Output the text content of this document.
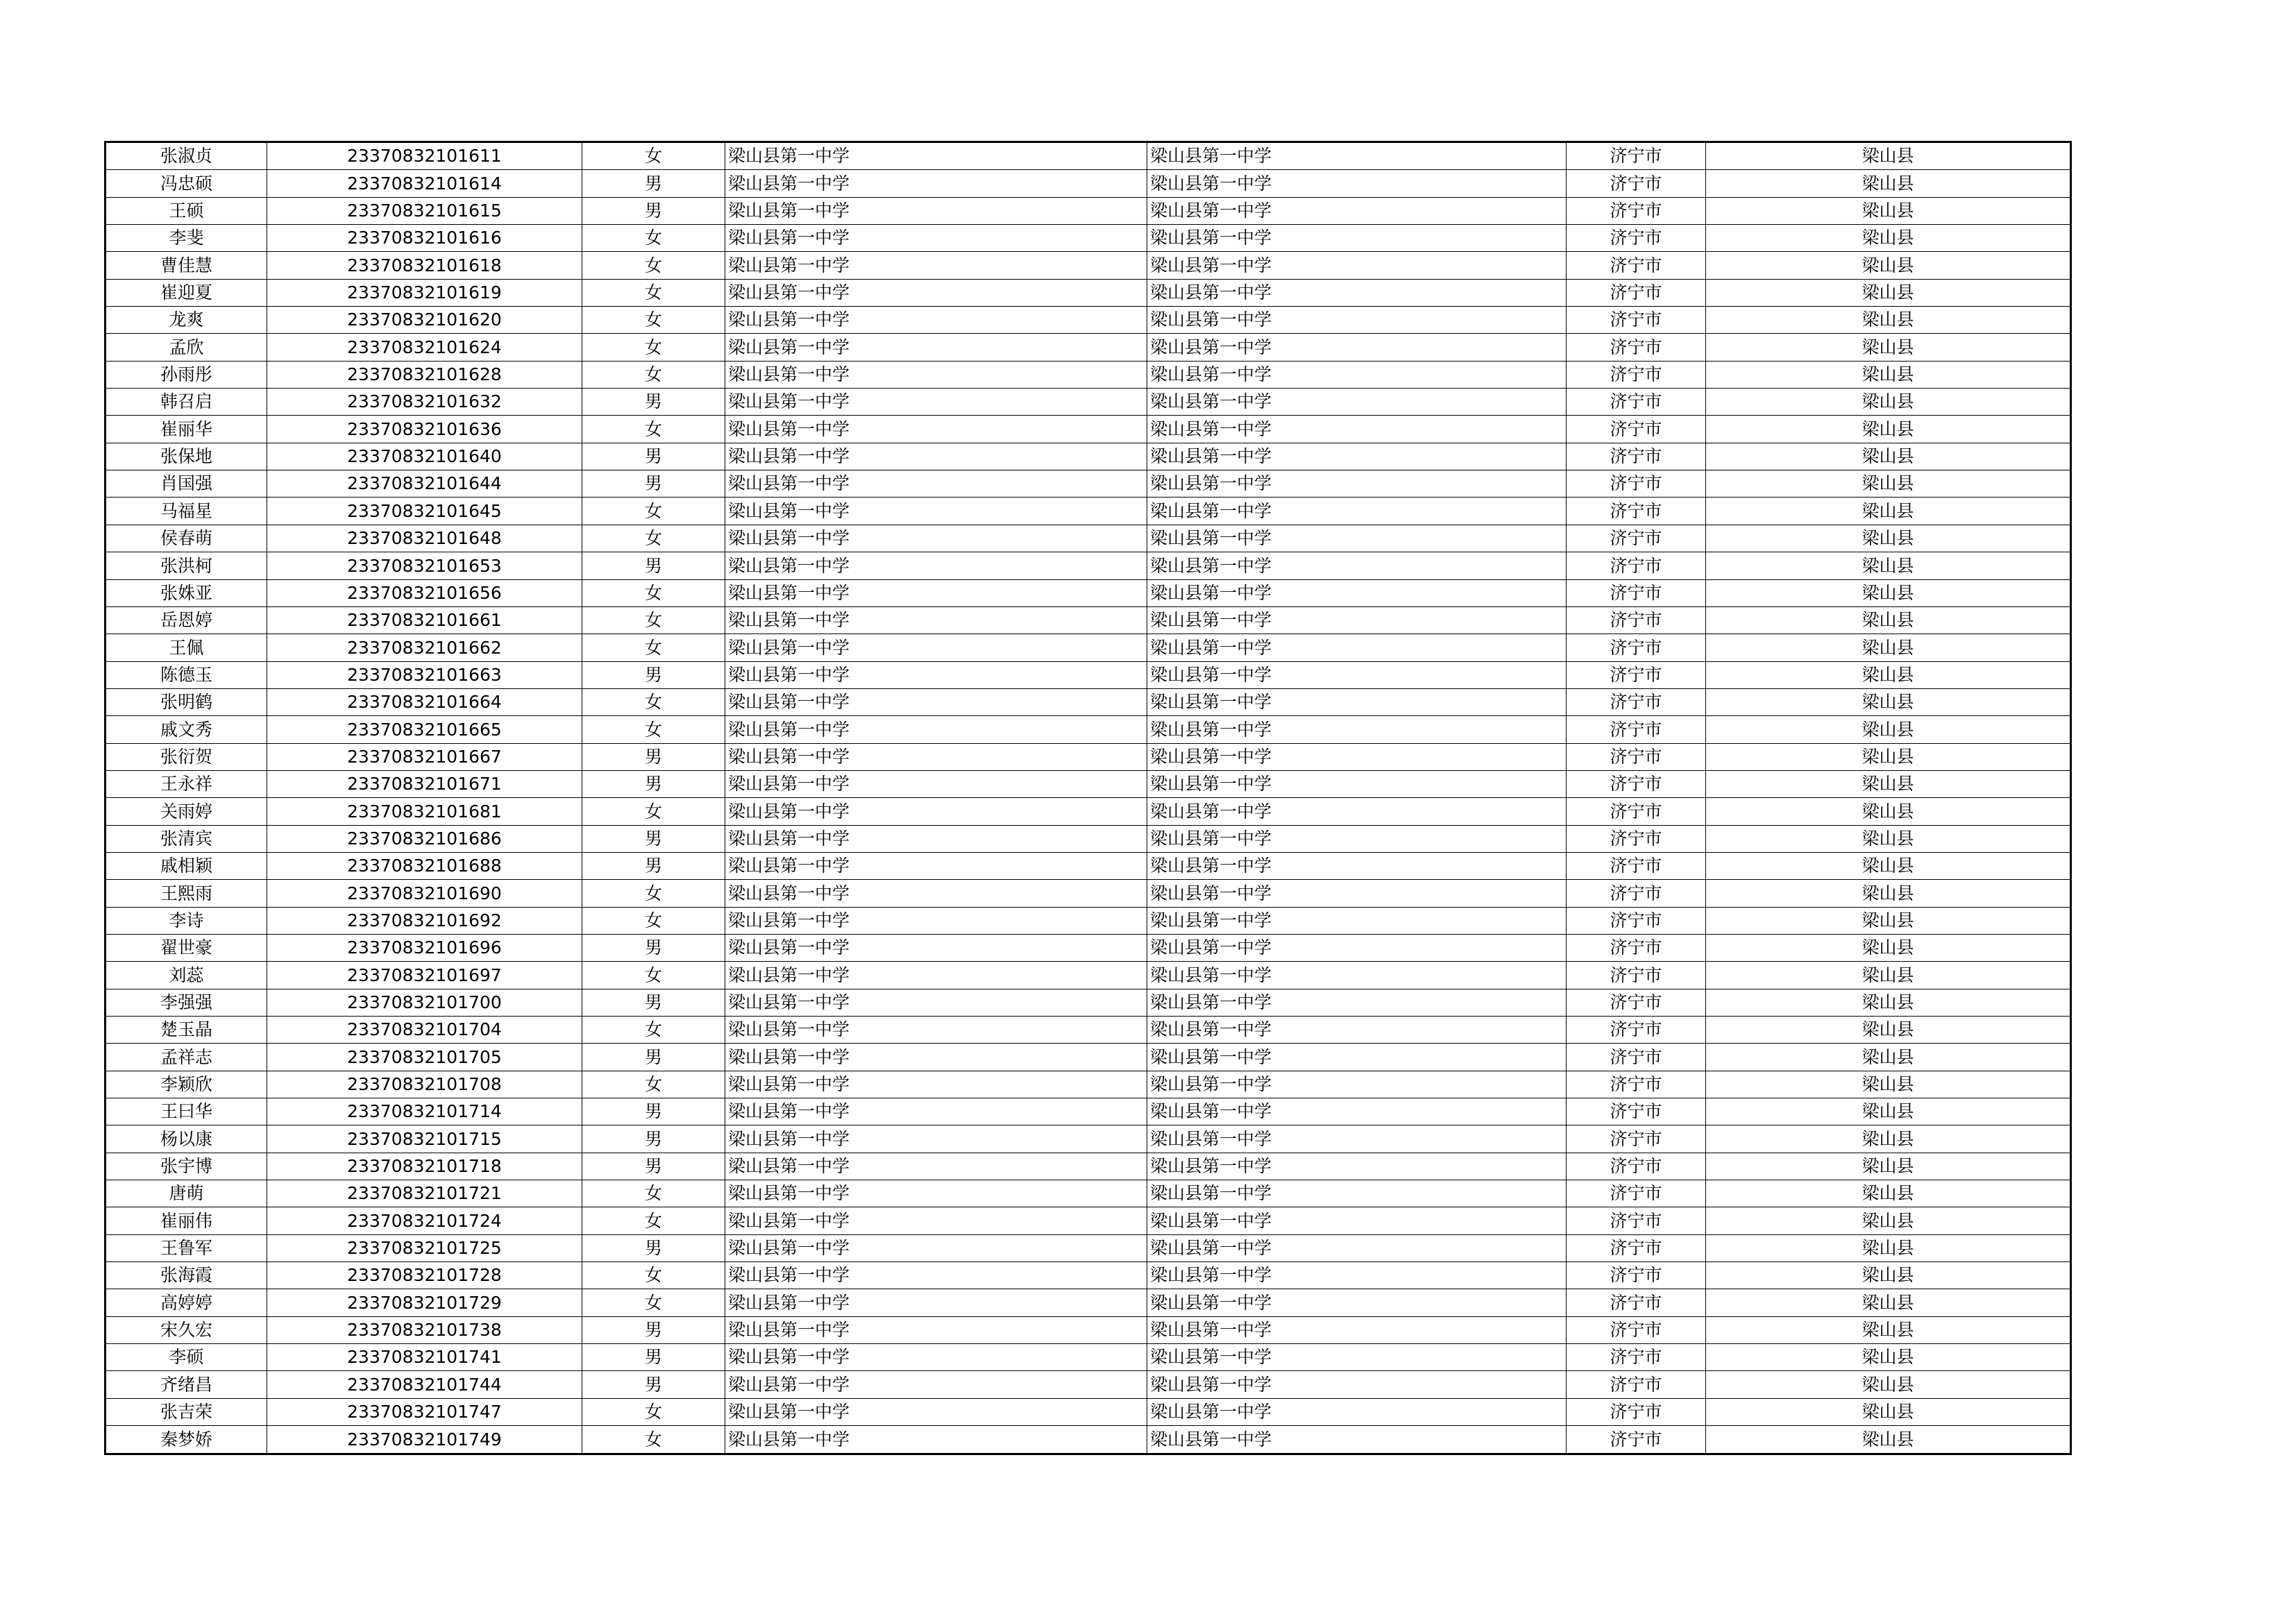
张淑贞	23370832101611	女	梁山县第一中学	梁山县第一中学	济宁市	梁山县
冯忠硕	23370832101614	男	梁山县第一中学	梁山县第一中学	济宁市	梁山县
王硕	23370832101615	男	梁山县第一中学	梁山县第一中学	济宁市	梁山县
李斐	23370832101616	女	梁山县第一中学	梁山县第一中学	济宁市	梁山县
曹佳慧	23370832101618	女	梁山县第一中学	梁山县第一中学	济宁市	梁山县
崔迎夏	23370832101619	女	梁山县第一中学	梁山县第一中学	济宁市	梁山县
龙爽	23370832101620	女	梁山县第一中学	梁山县第一中学	济宁市	梁山县
孟欣	23370832101624	女	梁山县第一中学	梁山县第一中学	济宁市	梁山县
孙雨彤	23370832101628	女	梁山县第一中学	梁山县第一中学	济宁市	梁山县
韩召启	23370832101632	男	梁山县第一中学	梁山县第一中学	济宁市	梁山县
崔丽华	23370832101636	女	梁山县第一中学	梁山县第一中学	济宁市	梁山县
张保地	23370832101640	男	梁山县第一中学	梁山县第一中学	济宁市	梁山县
肖国强	23370832101644	男	梁山县第一中学	梁山县第一中学	济宁市	梁山县
马福星	23370832101645	女	梁山县第一中学	梁山县第一中学	济宁市	梁山县
侯春萌	23370832101648	女	梁山县第一中学	梁山县第一中学	济宁市	梁山县
张洪柯	23370832101653	男	梁山县第一中学	梁山县第一中学	济宁市	梁山县
张姝亚	23370832101656	女	梁山县第一中学	梁山县第一中学	济宁市	梁山县
岳恩婷	23370832101661	女	梁山县第一中学	梁山县第一中学	济宁市	梁山县
王佩	23370832101662	女	梁山县第一中学	梁山县第一中学	济宁市	梁山县
陈德玉	23370832101663	男	梁山县第一中学	梁山县第一中学	济宁市	梁山县
张明鹤	23370832101664	女	梁山县第一中学	梁山县第一中学	济宁市	梁山县
戚文秀	23370832101665	女	梁山县第一中学	梁山县第一中学	济宁市	梁山县
张衍贺	23370832101667	男	梁山县第一中学	梁山县第一中学	济宁市	梁山县
王永祥	23370832101671	男	梁山县第一中学	梁山县第一中学	济宁市	梁山县
关雨婷	23370832101681	女	梁山县第一中学	梁山县第一中学	济宁市	梁山县
张清宾	23370832101686	男	梁山县第一中学	梁山县第一中学	济宁市	梁山县
戚相颖	23370832101688	男	梁山县第一中学	梁山县第一中学	济宁市	梁山县
王熙雨	23370832101690	女	梁山县第一中学	梁山县第一中学	济宁市	梁山县
李诗	23370832101692	女	梁山县第一中学	梁山县第一中学	济宁市	梁山县
翟世豪	23370832101696	男	梁山县第一中学	梁山县第一中学	济宁市	梁山县
刘蕊	23370832101697	女	梁山县第一中学	梁山县第一中学	济宁市	梁山县
李强强	23370832101700	男	梁山县第一中学	梁山县第一中学	济宁市	梁山县
楚玉晶	23370832101704	女	梁山县第一中学	梁山县第一中学	济宁市	梁山县
孟祥志	23370832101705	男	梁山县第一中学	梁山县第一中学	济宁市	梁山县
李颖欣	23370832101708	女	梁山县第一中学	梁山县第一中学	济宁市	梁山县
王曰华	23370832101714	男	梁山县第一中学	梁山县第一中学	济宁市	梁山县
杨以康	23370832101715	男	梁山县第一中学	梁山县第一中学	济宁市	梁山县
张宇博	23370832101718	男	梁山县第一中学	梁山县第一中学	济宁市	梁山县
唐萌	23370832101721	女	梁山县第一中学	梁山县第一中学	济宁市	梁山县
崔丽伟	23370832101724	女	梁山县第一中学	梁山县第一中学	济宁市	梁山县
王鲁军	23370832101725	男	梁山县第一中学	梁山县第一中学	济宁市	梁山县
张海霞	23370832101728	女	梁山县第一中学	梁山县第一中学	济宁市	梁山县
高婷婷	23370832101729	女	梁山县第一中学	梁山县第一中学	济宁市	梁山县
宋久宏	23370832101738	男	梁山县第一中学	梁山县第一中学	济宁市	梁山县
李硕	23370832101741	男	梁山县第一中学	梁山县第一中学	济宁市	梁山县
齐绪昌	23370832101744	男	梁山县第一中学	梁山县第一中学	济宁市	梁山县
张吉荣	23370832101747	女	梁山县第一中学	梁山县第一中学	济宁市	梁山县
秦梦娇	23370832101749	女	梁山县第一中学	梁山县第一中学	济宁市	梁山县
